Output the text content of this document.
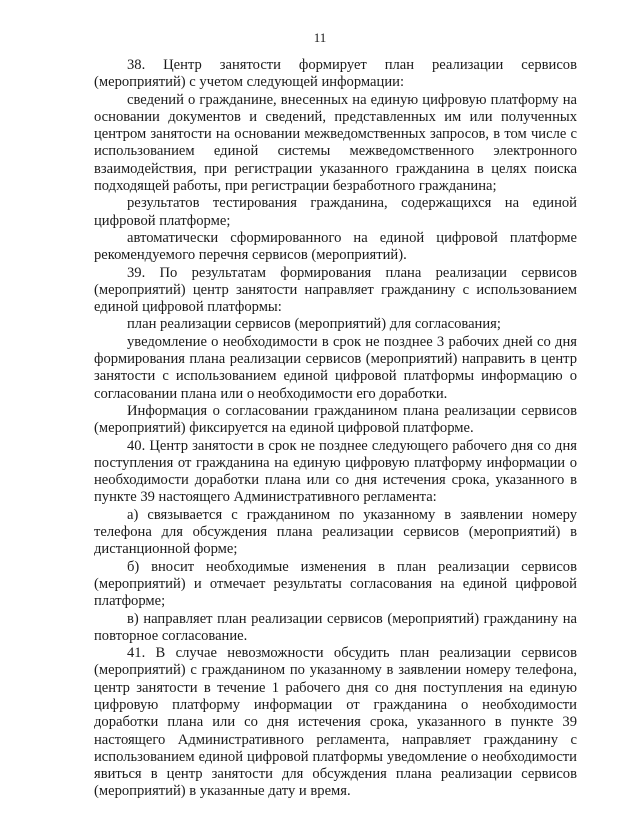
11

38. Центр занятости формирует план реализации сервисов (мероприятий) с учетом следующей информации:

сведений о гражданине, внесенных на единую цифровую платформу на основании документов и сведений, представленных им или полученных центром занятости на основании межведомственных запросов, в том числе с использованием единой системы межведомственного электронного взаимодействия, при регистрации указанного гражданина в целях поиска подходящей работы, при регистрации безработного гражданина;

результатов тестирования гражданина, содержащихся на единой цифровой платформе;

автоматически сформированного на единой цифровой платформе рекомендуемого перечня сервисов (мероприятий).

39. По результатам формирования плана реализации сервисов (мероприятий) центр занятости направляет гражданину с использованием единой цифровой платформы:

план реализации сервисов (мероприятий) для согласования;

уведомление о необходимости в срок не позднее 3 рабочих дней со дня формирования плана реализации сервисов (мероприятий) направить в центр занятости с использованием единой цифровой платформы информацию о согласовании плана или о необходимости его доработки.

Информация о согласовании гражданином плана реализации сервисов (мероприятий) фиксируется на единой цифровой платформе.

40. Центр занятости в срок не позднее следующего рабочего дня со дня поступления от гражданина на единую цифровую платформу информации о необходимости доработки плана или со дня истечения срока, указанного в пункте 39 настоящего Административного регламента:

а) связывается с гражданином по указанному в заявлении номеру телефона для обсуждения плана реализации сервисов (мероприятий) в дистанционной форме;

б) вносит необходимые изменения в план реализации сервисов (мероприятий) и отмечает результаты согласования на единой цифровой платформе;

в) направляет план реализации сервисов (мероприятий) гражданину на повторное согласование.

41. В случае невозможности обсудить план реализации сервисов (мероприятий) с гражданином по указанному в заявлении номеру телефона, центр занятости в течение 1 рабочего дня со дня поступления на единую цифровую платформу информации от гражданина о необходимости доработки плана или со дня истечения срока, указанного в пункте 39 настоящего Административного регламента, направляет гражданину с использованием единой цифровой платформы уведомление о необходимости явиться в центр занятости для обсуждения плана реализации сервисов (мероприятий) в указанные дату и время.
